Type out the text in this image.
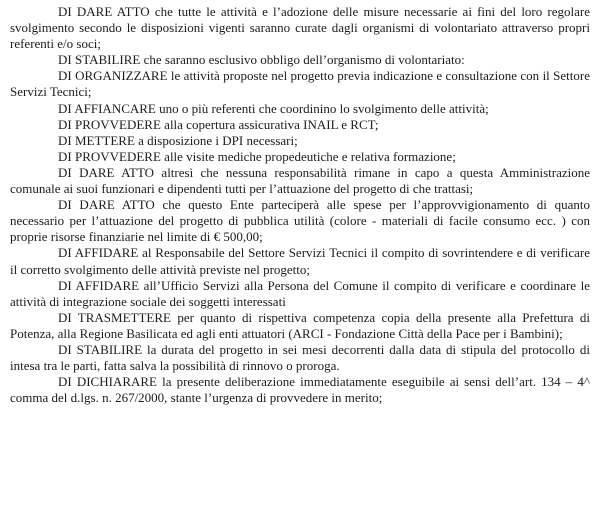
DI DARE ATTO che tutte le attività e l’adozione delle misure necessarie ai fini del loro regolare svolgimento secondo le disposizioni vigenti saranno curate dagli organismi di volontariato attraverso propri referenti e/o soci;

DI STABILIRE che saranno esclusivo obbligo dell’organismo di volontariato:

DI ORGANIZZARE le attività proposte nel progetto previa indicazione e consultazione con il Settore Servizi Tecnici;

DI AFFIANCARE uno o più referenti che coordinino lo svolgimento delle attività;

DI PROVVEDERE alla copertura assicurativa INAIL e RCT;

DI METTERE a disposizione i DPI necessari;

DI PROVVEDERE alle visite mediche propedeutiche e relativa formazione;

DI DARE ATTO altresì che nessuna responsabilità rimane in capo a questa Amministrazione comunale ai suoi funzionari e dipendenti tutti per l’attuazione del progetto di che trattasi;

DI DARE ATTO che questo Ente parteciperà alle spese per l’approvvigionamento di quanto necessario per l’attuazione del progetto di pubblica utilità (colore - materiali di facile consumo ecc. ) con proprie risorse finanziarie nel limite di € 500,00;

DI AFFIDARE al Responsabile del Settore Servizi Tecnici il compito di sovrintendere e di verificare il corretto svolgimento delle attività previste nel progetto;

DI AFFIDARE all’Ufficio Servizi alla Persona del Comune il compito di verificare e coordinare le attività di integrazione sociale dei soggetti interessati

DI TRASMETTERE per quanto di rispettiva competenza copia della presente alla Prefettura di Potenza, alla Regione Basilicata ed agli enti attuatori (ARCI - Fondazione Città della Pace per i Bambini);

DI STABILIRE la durata del progetto in sei mesi decorrenti dalla data di stipula del protocollo di intesa tra le parti, fatta salva la possibilità di rinnovo o proroga.

DI DICHIARARE la presente deliberazione immediatamente eseguibile ai sensi dell’art. 134 – 4^ comma del d.lgs. n. 267/2000, stante l’urgenza di provvedere in merito;
